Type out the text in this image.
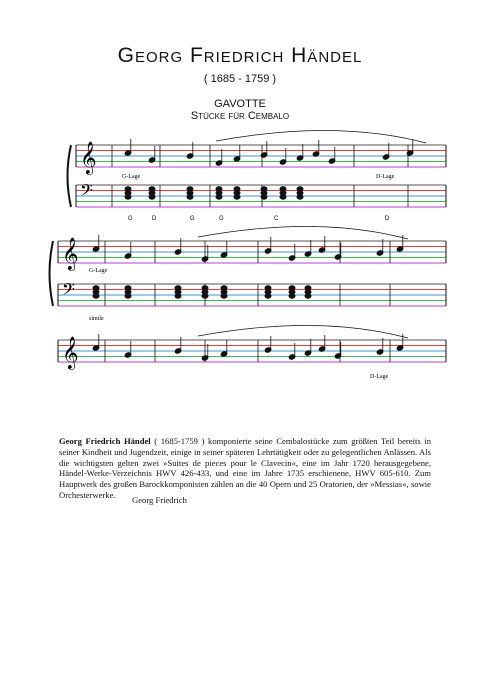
Georg Friedrich Händel
( 1685 - 1759 )
GAVOTTE
Stücke für Cembalo
𝄞
𝄢
𝄞
𝄢
𝄞
G-Lage	D-Lage
G-Lage
simile
D-Lage
G	D	G	G	C	D
Georg Friedrich Händel ( 1685-1759 ) komponierte seine Cembalostücke zum größten Teil bereits in seiner Kindheit und Jugendzeit, einige in seiner späteren Lehrtätigkeit oder zu gelegentlichen Anlässen. Als die wichtigsten gelten zwei »Suites de pieces pour le Clavecin«, eine im Jahr 1720 herausgegebene, Händel-Werke-Verzeichnis HWV 426-433, und eine im Jahre 1735 erschienene, HWV 605-610. Zum Hauptwerk des großen Barockkomponisten zählen an die 40 Opern und 25 Oratorien, der »Messias«, sowie Orchesterwerke.
Georg Friedrich
